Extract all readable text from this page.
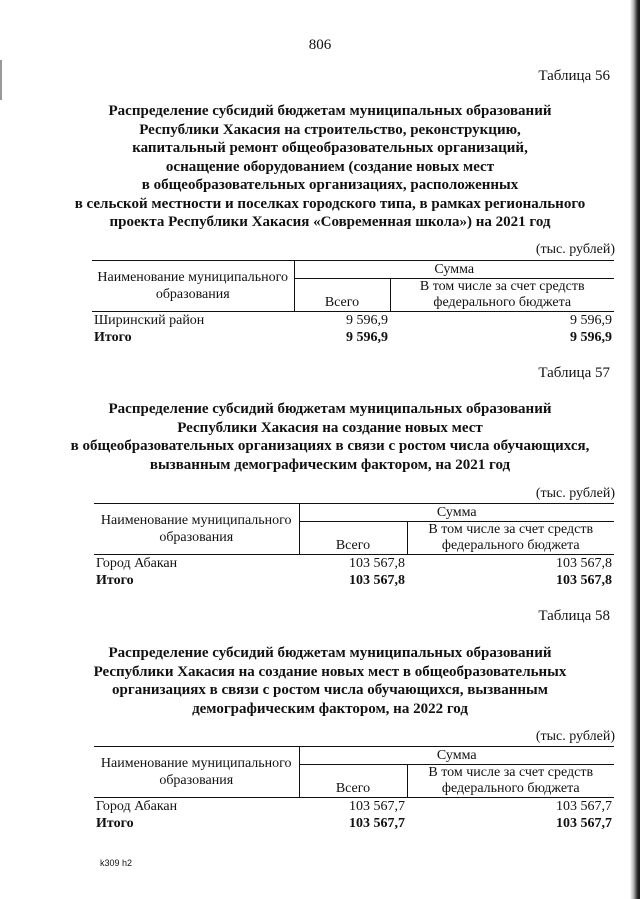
806
Таблица 56
Распределение субсидий бюджетам муниципальных образований
Республики Хакасия на строительство, реконструкцию,
капитальный ремонт общеобразовательных организаций,
оснащение оборудованием (создание новых мест
в общеобразовательных организациях, расположенных
в сельской местности и поселках городского типа, в рамках регионального
проекта Республики Хакасия «Современная школа») на 2021 год
(тыс. рублей)
Наименование муниципального образования	Сумма	
	Всего	В том числе за счет средств федерального бюджета
Ширинский район	9 596,9	9 596,9
Итого	9 596,9	9 596,9
Таблица 57
Распределение субсидий бюджетам муниципальных образований
Республики Хакасия на создание новых мест
в общеобразовательных организациях в связи с ростом числа обучающихся,
вызванным демографическим фактором, на 2021 год
(тыс. рублей)
Наименование муниципального образования	Сумма	
	Всего	В том числе за счет средств федерального бюджета
Город Абакан	103 567,8	103 567,8
Итого	103 567,8	103 567,8
Таблица 58
Распределение субсидий бюджетам муниципальных образований
Республики Хакасия на создание новых мест в общеобразовательных
организациях в связи с ростом числа обучающихся, вызванным
демографическим фактором, на 2022 год
(тыс. рублей)
Наименование муниципального образования	Сумма	
	Всего	В том числе за счет средств федерального бюджета
Город Абакан	103 567,7	103 567,7
Итого	103 567,7	103 567,7
k309 h2
